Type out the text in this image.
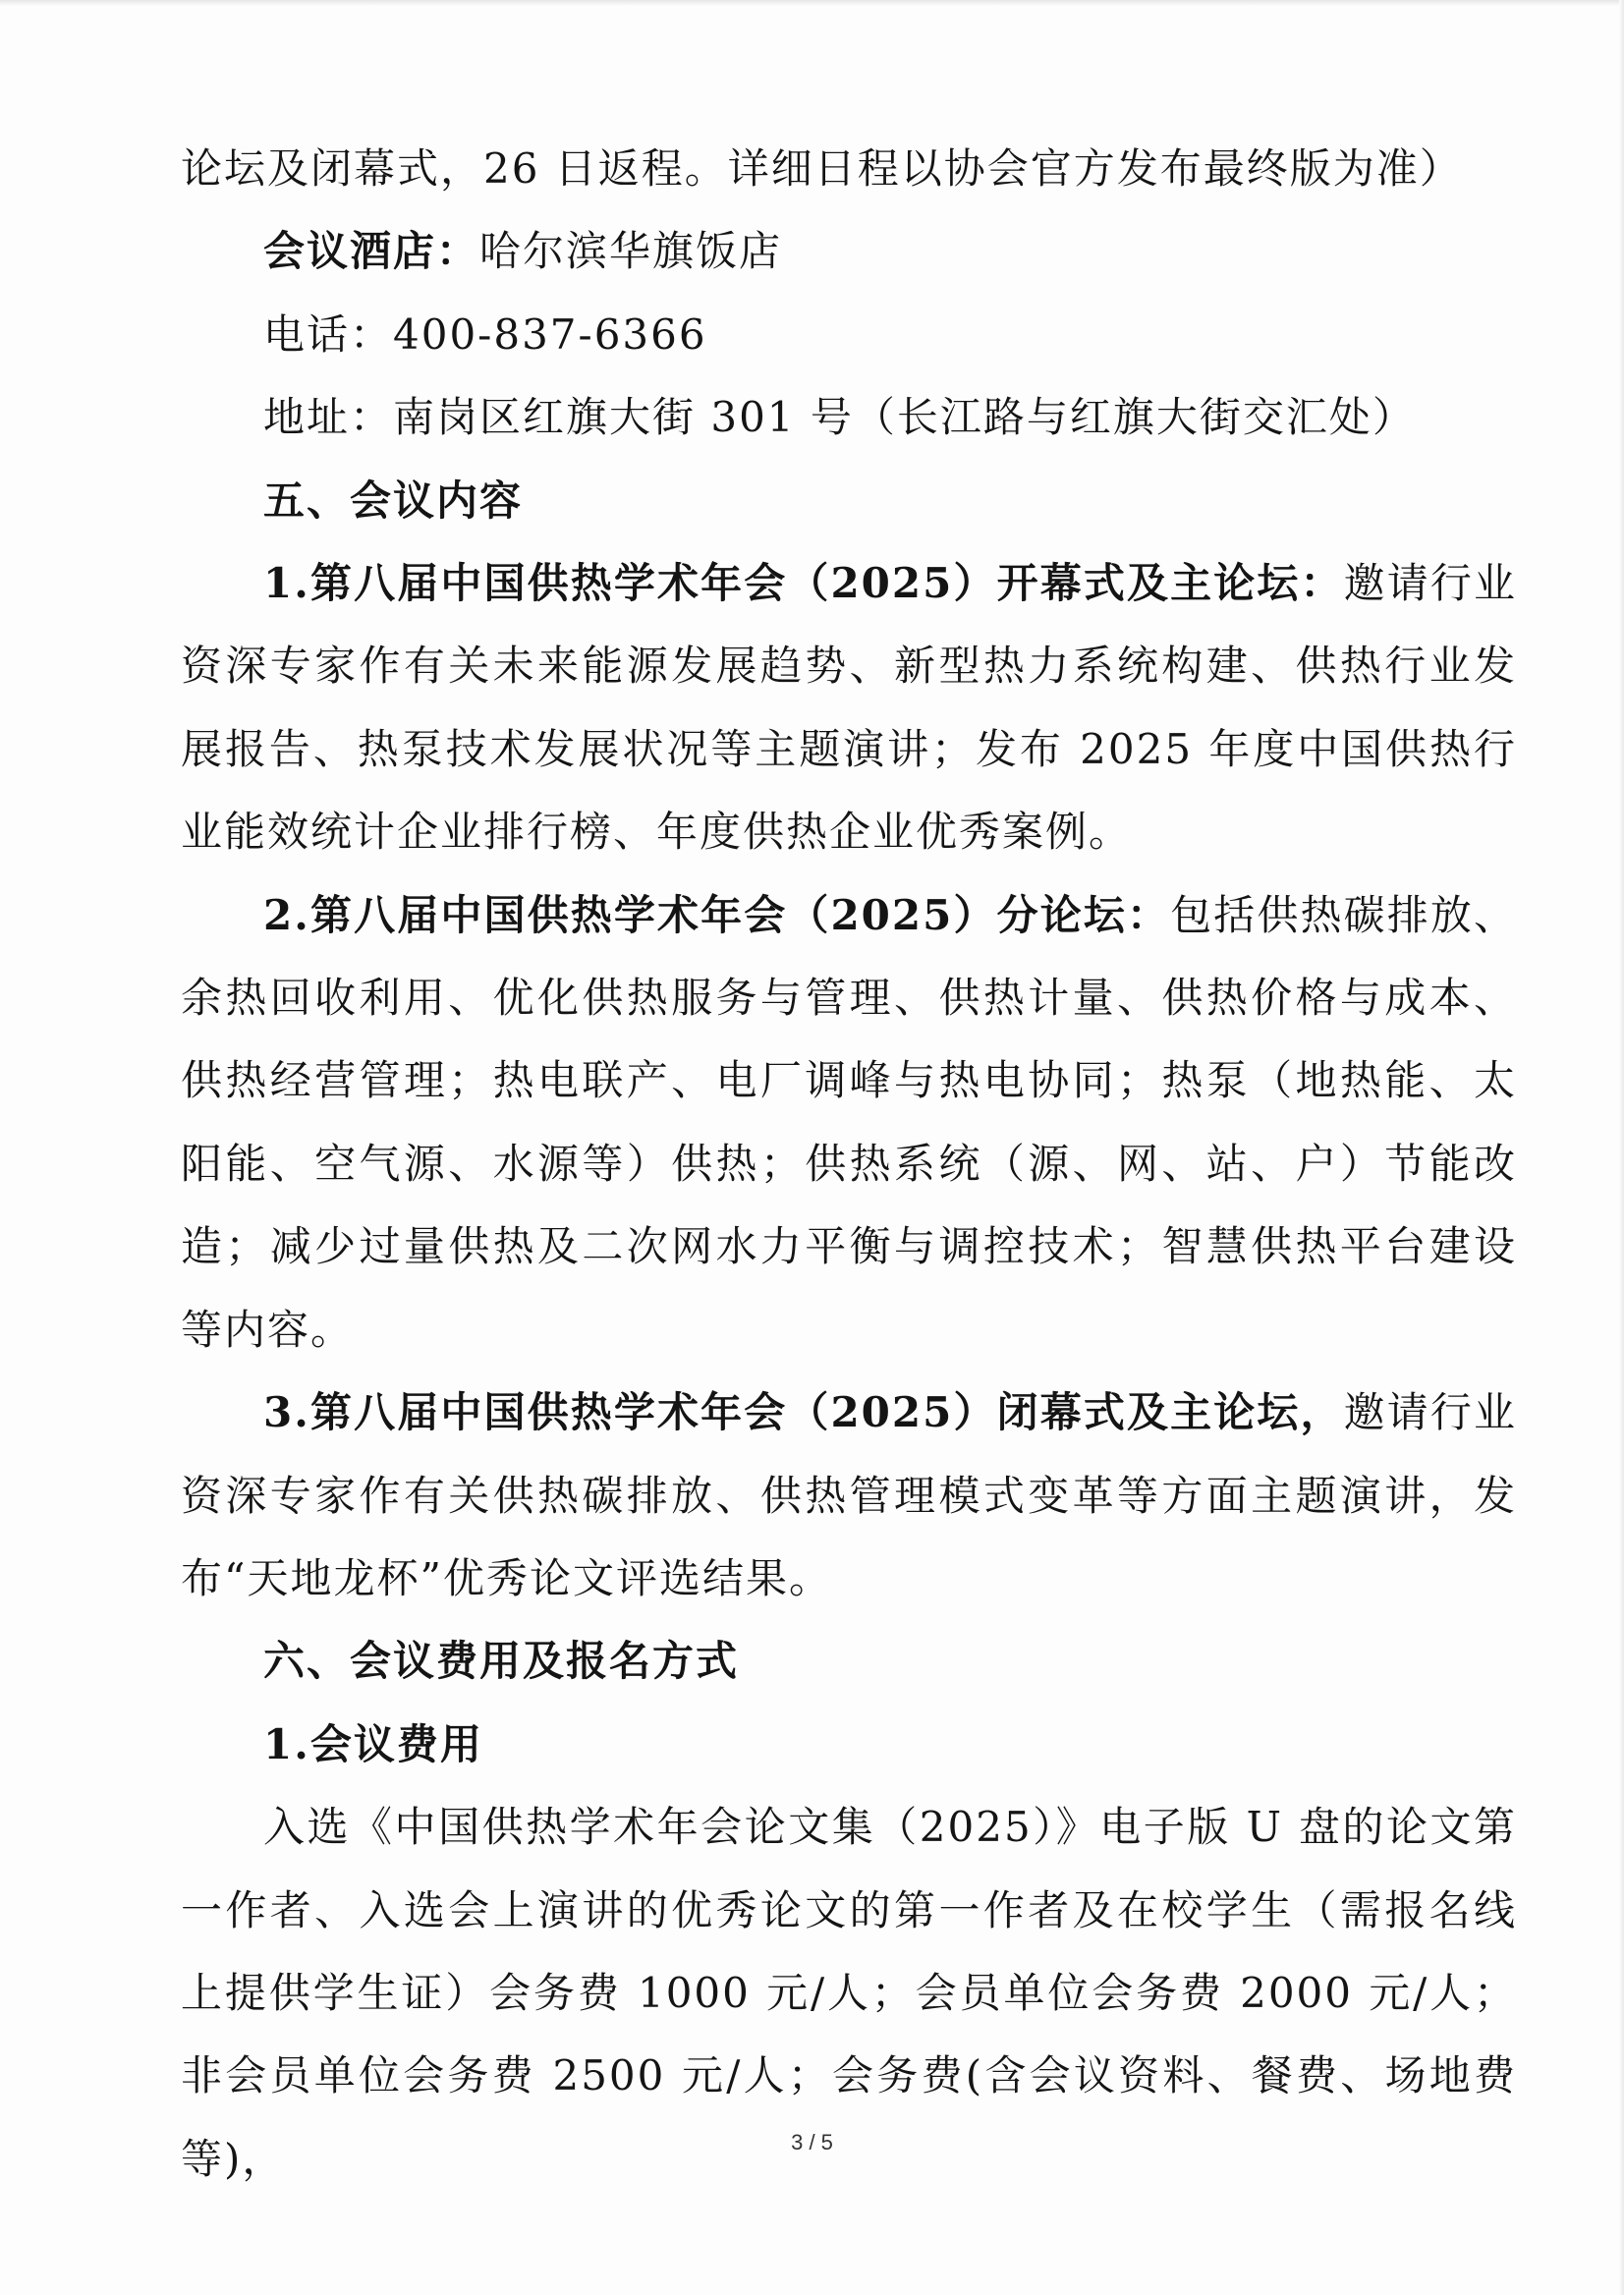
论坛及闭幕式，26 日返程。详细日程以协会官方发布最终版为准）

会议酒店：哈尔滨华旗饭店

电话：400-837-6366

地址：南岗区红旗大街 301 号（长江路与红旗大街交汇处）

五、会议内容

1.第八届中国供热学术年会（2025）开幕式及主论坛：邀请行业资深专家作有关未来能源发展趋势、新型热力系统构建、供热行业发展报告、热泵技术发展状况等主题演讲；发布 2025 年度中国供热行业能效统计企业排行榜、年度供热企业优秀案例。

2.第八届中国供热学术年会（2025）分论坛：包括供热碳排放、余热回收利用、优化供热服务与管理、供热计量、供热价格与成本、供热经营管理；热电联产、电厂调峰与热电协同；热泵（地热能、太阳能、空气源、水源等）供热；供热系统（源、网、站、户）节能改造；减少过量供热及二次网水力平衡与调控技术；智慧供热平台建设等内容。

3.第八届中国供热学术年会（2025）闭幕式及主论坛，邀请行业资深专家作有关供热碳排放、供热管理模式变革等方面主题演讲，发布“天地龙杯”优秀论文评选结果。

六、会议费用及报名方式

1.会议费用

入选《中国供热学术年会论文集（2025）》电子版 U 盘的论文第一作者、入选会上演讲的优秀论文的第一作者及在校学生（需报名线上提供学生证）会务费 1000 元/人；会员单位会务费 2000 元/人；非会员单位会务费 2500 元/人；会务费(含会议资料、餐费、场地费等)，	3 / 5
